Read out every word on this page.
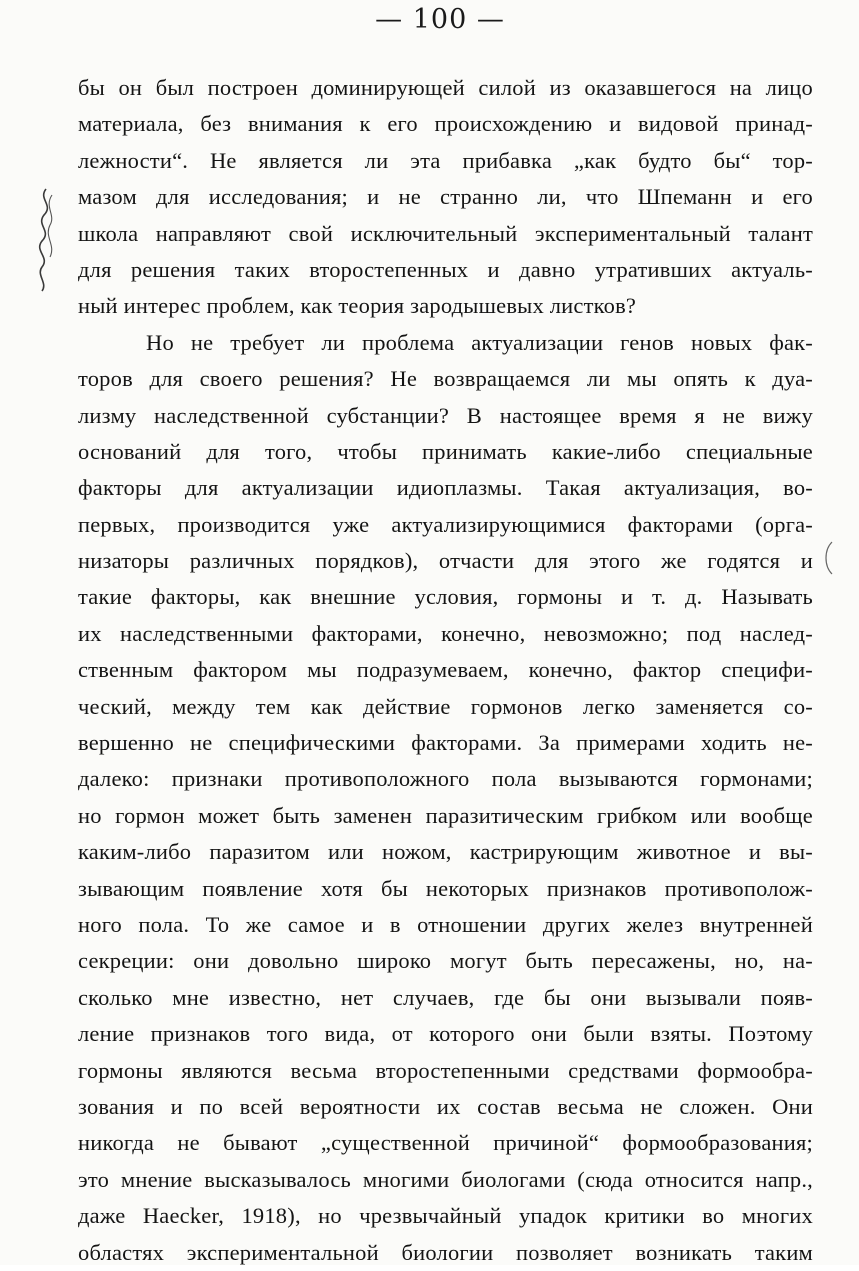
— 100 —
бы он был построен доминирующей силой из оказавшегося на лицо
материала, без внимания к его происхождению и видовой принад-
лежности“. Не является ли эта прибавка „как будто бы“ тор-
мазом для исследования; и не странно ли, что Шпеманн и его
школа направляют свой исключительный экспериментальный талант
для решения таких второстепенных и давно утративших актуаль-
ный интерес проблем, как теория зародышевых листков?
Но не требует ли проблема актуализации генов новых фак-
торов для своего решения? Не возвращаемся ли мы опять к дуа-
лизму наследственной субстанции? В настоящее время я не вижу
оснований для того, чтобы принимать какие-либо специальные
факторы для актуализации идиоплазмы. Такая актуализация, во-
первых, производится уже актуализирующимися факторами (орга-
низаторы различных порядков), отчасти для этого же годятся и
такие факторы, как внешние условия, гормоны и т. д. Называть
их наследственными факторами, конечно, невозможно; под наслед-
ственным фактором мы подразумеваем, конечно, фактор специфи-
ческий, между тем как действие гормонов легко заменяется со-
вершенно не специфическими факторами. За примерами ходить не-
далеко: признаки противоположного пола вызываются гормонами;
но гормон может быть заменен паразитическим грибком или вообще
каким-либо паразитом или ножом, кастрирующим животное и вы-
зывающим появление хотя бы некоторых признаков противополож-
ного пола. То же самое и в отношении других желез внутренней
секреции: они довольно широко могут быть пересажены, но, на-
сколько мне известно, нет случаев, где бы они вызывали появ-
ление признаков того вида, от которого они были взяты. Поэтому
гормоны являются весьма второстепенными средствами формообра-
зования и по всей вероятности их состав весьма не сложен. Они
никогда не бывают „существенной причиной“ формообразования;
это мнение высказывалось многими биологами (сюда относится напр.,
даже Haecker, 1918), но чрезвычайный упадок критики во многих
областях экспериментальной биологии позволяет возникать таким
